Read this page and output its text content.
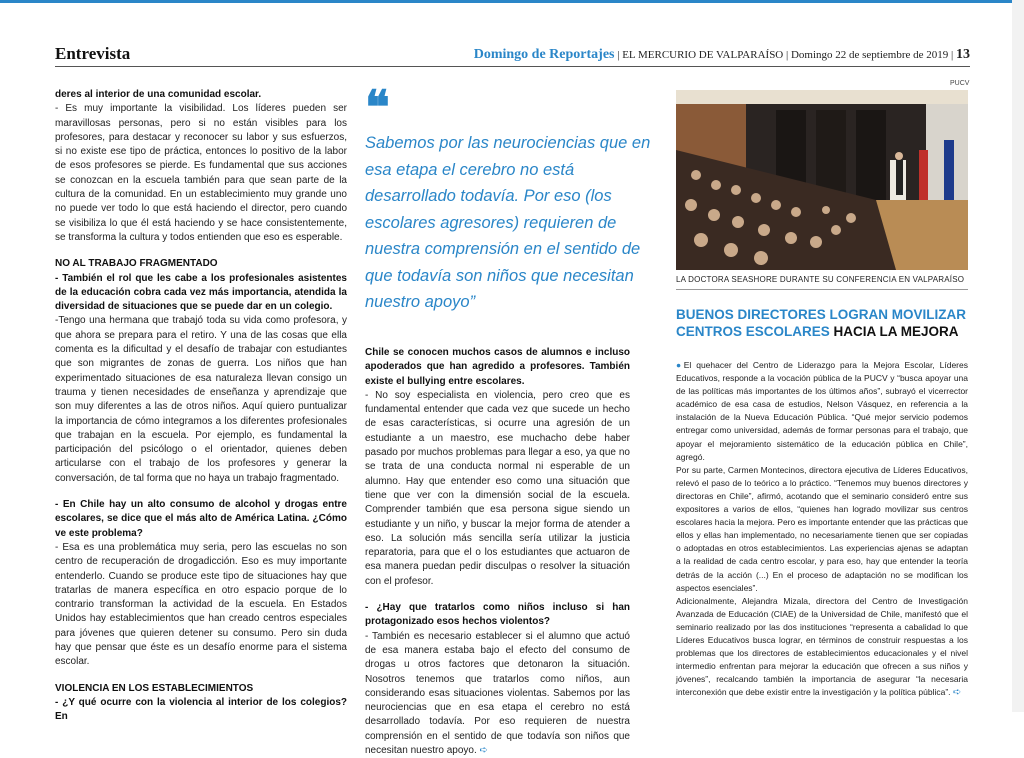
Entrevista	Domingo de Reportajes | EL MERCURIO DE VALPARAÍSO | Domingo 22 de septiembre de 2019 | 13

deres al interior de una comunidad escolar.

- Es muy importante la visibilidad. Los líderes pueden ser maravillosas personas, pero si no están visibles para los profesores, para destacar y reconocer su labor y sus esfuerzos, si no existe ese tipo de práctica, entonces lo positivo de la labor de esos profesores se pierde. Es fundamental que sus acciones se conozcan en la escuela también para que sean parte de la cultura de la comunidad. En un establecimiento muy grande uno no puede ver todo lo que está haciendo el director, pero cuando se visibiliza lo que él está haciendo y se hace consistentemente, se transforma la cultura y todos entienden que eso es esperable.

NO AL TRABAJO FRAGMENTADO

- También el rol que les cabe a los profesionales asistentes de la educación cobra cada vez más importancia, atendida la diversidad de situaciones que se puede dar en un colegio.

-Tengo una hermana que trabajó toda su vida como profesora, y que ahora se prepara para el retiro. Y una de las cosas que ella comenta es la dificultad y el desafío de trabajar con estudiantes que son migrantes de zonas de guerra. Los niños que han experimentado situaciones de esa naturaleza llevan consigo un trauma y tienen necesidades de enseñanza y aprendizaje que son muy diferentes a las de otros niños. Aquí quiero puntualizar la importancia de cómo integramos a los diferentes profesionales que trabajan en la escuela. Por ejemplo, es fundamental la participación del psicólogo o el orientador, quienes deben articularse con el trabajo de los profesores y generar la conversación, de tal forma que no haya un trabajo fragmentado.

- En Chile hay un alto consumo de alcohol y drogas entre escolares, se dice que el más alto de América Latina. ¿Cómo ve este problema?

- Esa es una problemática muy seria, pero las escuelas no son centro de recuperación de drogadicción. Eso es muy importante entenderlo. Cuando se produce este tipo de situaciones hay que tratarlas de manera específica en otro espacio porque de lo contrario transforman la actividad de la escuela. En Estados Unidos hay establecimientos que han creado centros especiales para jóvenes que quieren detener su consumo. Pero sin duda hay que pensar que éste es un desafío enorme para el sistema escolar.

VIOLENCIA EN LOS ESTABLECIMIENTOS

- ¿Y qué ocurre con la violencia al interior de los colegios? En

❝
Sabemos por las neurociencias que en esa etapa el cerebro no está desarrollado todavía. Por eso (los escolares agresores) requieren de nuestra comprensión en el sentido de que todavía son niños que necesitan nuestro apoyo”

Chile se conocen muchos casos de alumnos e incluso apoderados que han agredido a profesores. También existe el bullying entre escolares.

- No soy especialista en violencia, pero creo que es fundamental entender que cada vez que sucede un hecho de esas características, si ocurre una agresión de un estudiante a un maestro, ese muchacho debe haber pasado por muchos problemas para llegar a eso, ya que no se trata de una conducta normal ni esperable de un alumno. Hay que entender eso como una situación que tiene que ver con la dimensión social de la escuela. Comprender también que esa persona sigue siendo un estudiante y un niño, y buscar la mejor forma de atender a eso. La solución más sencilla sería utilizar la justicia reparatoria, para que el o los estudiantes que actuaron de esa manera puedan pedir disculpas o resolver la situación con el profesor.

- ¿Hay que tratarlos como niños incluso si han protagonizado esos hechos violentos?

- También es necesario establecer si el alumno que actuó de esa manera estaba bajo el efecto del consumo de drogas u otros factores que detonaron la situación. Nosotros tenemos que tratarlos como niños, aun considerando esas situaciones violentas. Sabemos por las neurociencias que en esa etapa el cerebro no está desarrollado todavía. Por eso requieren de nuestra comprensión en el sentido de que todavía son niños que necesitan nuestro apoyo. ➪

PUCV
LA DOCTORA SEASHORE DURANTE SU CONFERENCIA EN VALPARAÍSO
BUENOS DIRECTORES LOGRAN MOVILIZAR CENTROS ESCOLARES HACIA LA MEJORA

●El quehacer del Centro de Liderazgo para la Mejora Escolar, Líderes Educativos, responde a la vocación pública de la PUCV y “busca apoyar una de las políticas más importantes de los últimos años”, subrayó el vicerrector académico de esa casa de estudios, Nelson Vásquez, en referencia a la instalación de la Nueva Educación Pública. “Qué mejor servicio podemos entregar como universidad, además de formar personas para el trabajo, que apoyar el mejoramiento sistemático de la educación pública en Chile”, agregó.

Por su parte, Carmen Montecinos, directora ejecutiva de Líderes Educativos, relevó el paso de lo teórico a lo práctico. “Tenemos muy buenos directores y directoras en Chile”, afirmó, acotando que el seminario consideró entre sus expositores a varios de ellos, “quienes han logrado movilizar sus centros escolares hacia la mejora. Pero es importante entender que las prácticas que ellos y ellas han implementado, no necesariamente tienen que ser copiadas o adoptadas en otros establecimientos. Las experiencias ajenas se adaptan a la realidad de cada centro escolar, y para eso, hay que entender la teoría detrás de la acción (...) En el proceso de adaptación no se modifican los aspectos esenciales”.

Adicionalmente, Alejandra Mizala, directora del Centro de Investigación Avanzada de Educación (CIAE) de la Universidad de Chile, manifestó que el seminario realizado por las dos instituciones “representa a cabalidad lo que Líderes Educativos busca lograr, en términos de construir respuestas a los problemas que los directores de establecimientos educacionales y el nivel intermedio enfrentan para mejorar la educación que ofrecen a sus niños y jóvenes”, recalcando también la importancia de asegurar “la necesaria interconexión que debe existir entre la investigación y la política pública”. ➪
